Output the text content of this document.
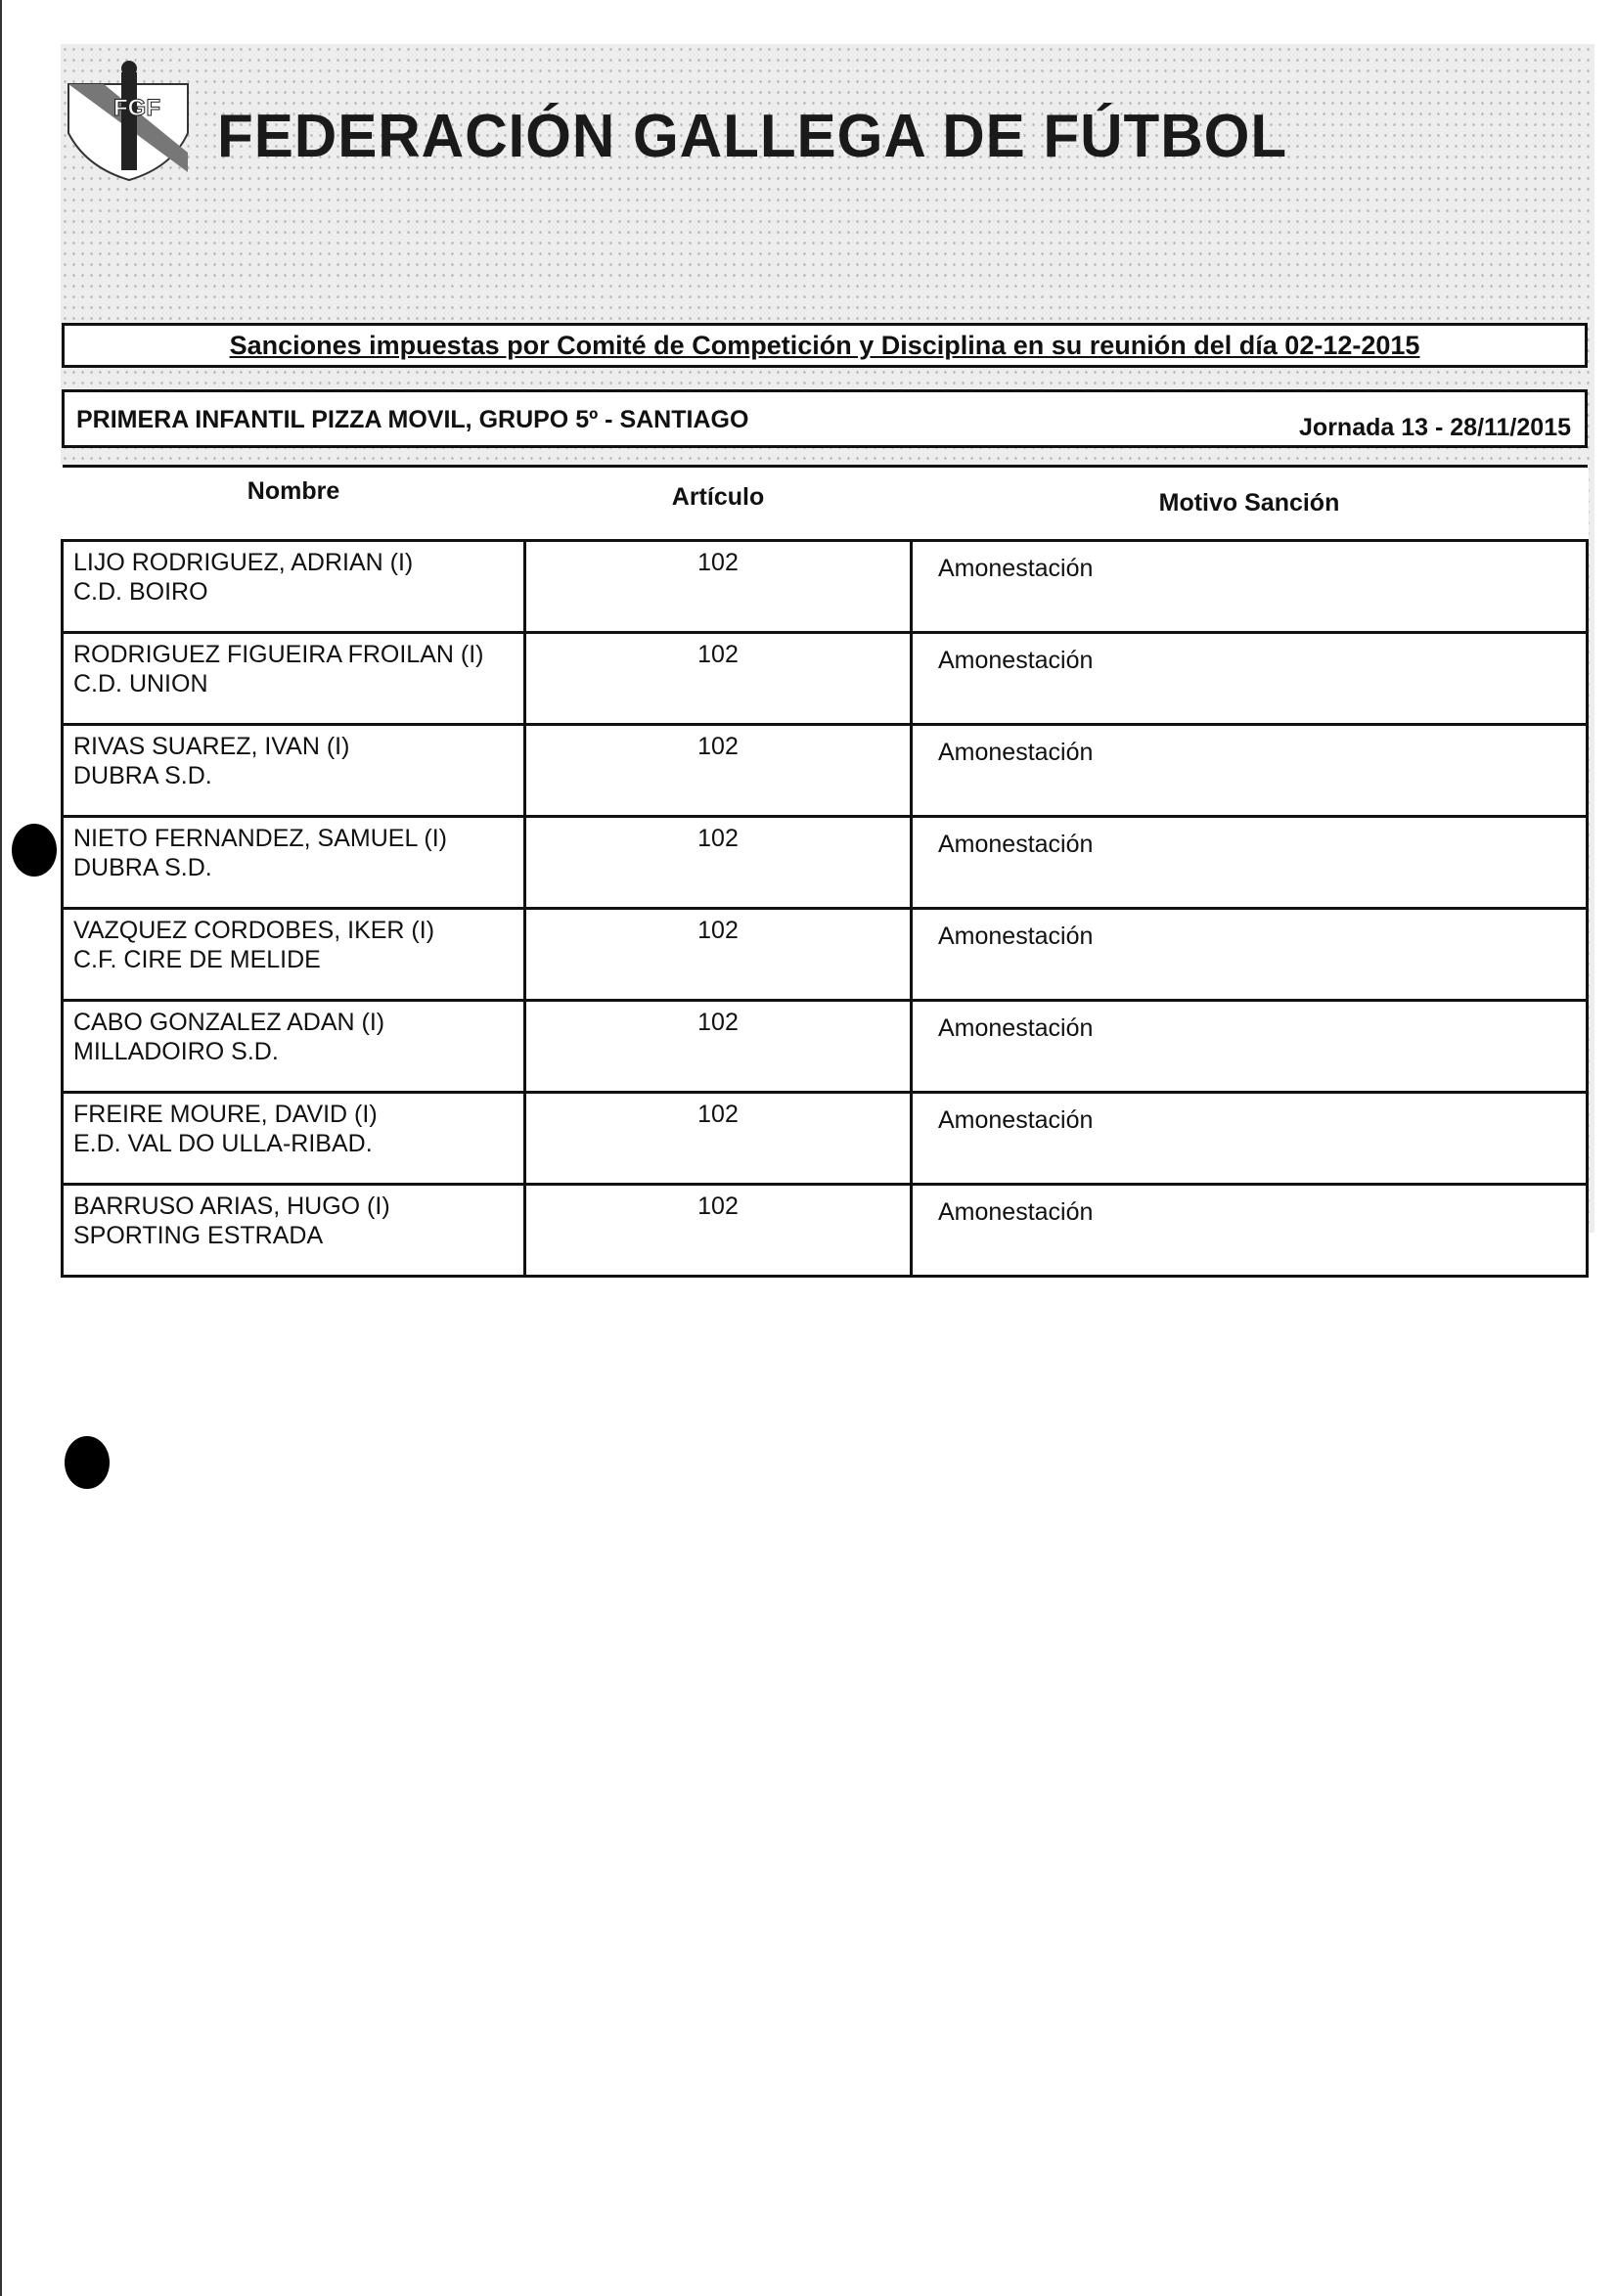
FGF FEDERACIÓN GALLEGA DE FÚTBOL
Sanciones impuestas por Comité de Competición y Disciplina en su reunión del día 02-12-2015
PRIMERA INFANTIL PIZZA MOVIL, GRUPO 5º - SANTIAGO	Jornada 13 - 28/11/2015
Nombre	Artículo	Motivo Sanción

LIJO RODRIGUEZ, ADRIAN (I)
C.D. BOIRO	102	Amonestación

RODRIGUEZ FIGUEIRA FROILAN (I)
C.D. UNION	102	Amonestación

RIVAS SUAREZ, IVAN (I)
DUBRA S.D.	102	Amonestación

NIETO FERNANDEZ, SAMUEL (I)
DUBRA S.D.	102	Amonestación

VAZQUEZ CORDOBES, IKER (I)
C.F. CIRE DE MELIDE	102	Amonestación

CABO GONZALEZ ADAN (I)
MILLADOIRO S.D.	102	Amonestación

FREIRE MOURE, DAVID (I)
E.D. VAL DO ULLA-RIBAD.	102	Amonestación

BARRUSO ARIAS, HUGO (I)
SPORTING ESTRADA	102	Amonestación
